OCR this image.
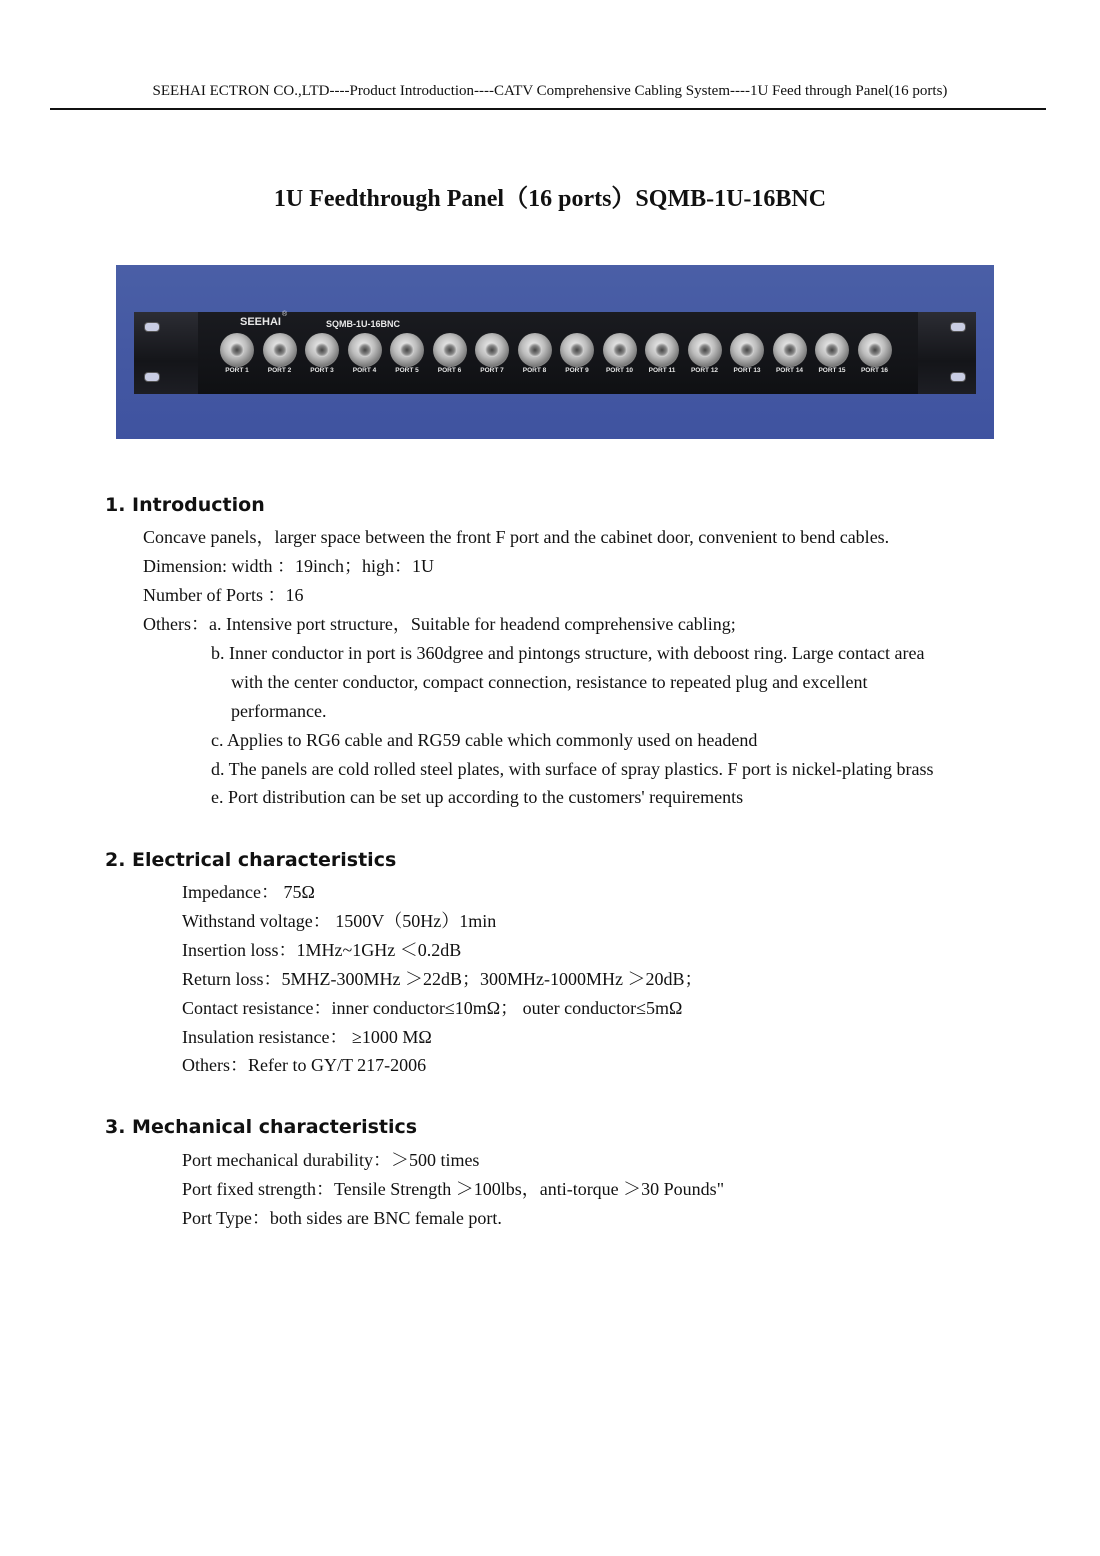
SEEHAI ECTRON CO.,LTD----Product Introduction----CATV Comprehensive Cabling System----1U Feed through Panel(16 ports)
1U Feedthrough Panel（16 ports）SQMB-1U-16BNC
SEEHAI
®
SQMB-1U-16BNC
PORT 1	PORT 2	PORT 3	PORT 4	PORT 5	PORT 6	PORT 7	PORT 8	PORT 9	PORT 10	PORT 11	PORT 12	PORT 13	PORT 14	PORT 15	PORT 16
1. Introduction
Concave panels，larger space between the front F port and the cabinet door, convenient to bend cables.
Dimension: width ：19inch；high：1U
Number of Ports ：16
Others：a. Intensive port structure，Suitable for headend comprehensive cabling;
b. Inner conductor in port is 360dgree and pintongs structure, with deboost ring. Large contact area
with the center conductor, compact connection, resistance to repeated plug and excellent
performance.
c. Applies to RG6 cable and RG59 cable which commonly used on headend
d. The panels are cold rolled steel plates, with surface of spray plastics. F port is nickel-plating brass
e. Port distribution can be set up according to the customers' requirements
2. Electrical characteristics
Impedance： 75Ω
Withstand voltage： 1500V（50Hz）1min
Insertion loss：1MHz~1GHz ＜0.2dB
Return loss：5MHZ-300MHz ＞22dB；300MHz-1000MHz ＞20dB；
Contact resistance：inner conductor≤10mΩ； outer conductor≤5mΩ
Insulation resistance： ≥1000 MΩ
Others：Refer to GY/T 217-2006
3. Mechanical characteristics
Port mechanical durability：＞500 times
Port fixed strength：Tensile Strength ＞100lbs，anti-torque ＞30 Pounds"
Port Type：both sides are BNC female port.
